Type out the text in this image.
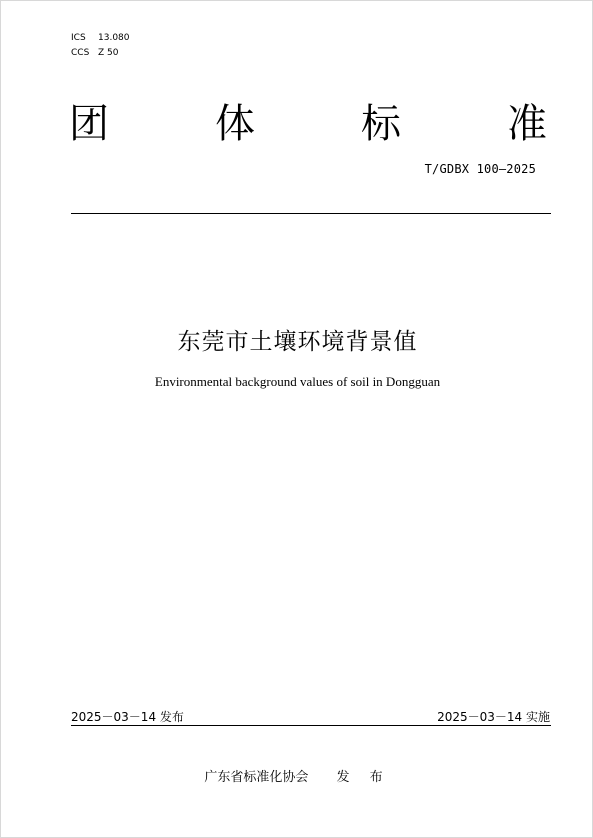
ICS 13.080
CCS Z 50
团	体	标	准
T/GDBX 100—2025
东莞市土壤环境背景值
Environmental background values of soil in Dongguan
2025－03－14 发布	2025－03－14 实施
广东省标准化协会 发 布
